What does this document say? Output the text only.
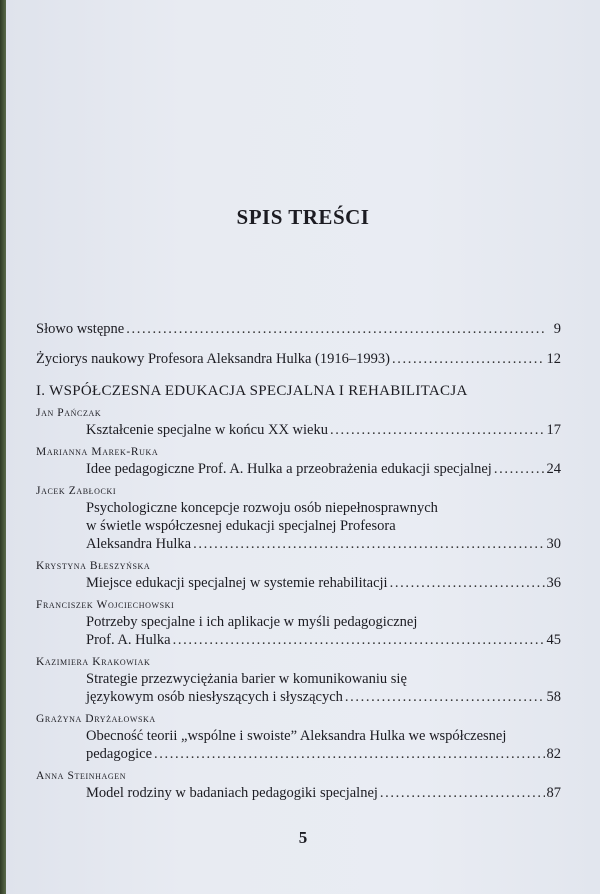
SPIS TREŚCI
Słowo wstępne . . .	9
Życiorys naukowy Profesora Aleksandra Hulka (1916–1993) . . .	12
I. WSPÓŁCZESNA EDUKACJA SPECJALNA I REHABILITACJA
Jan Pańczak
Kształcenie specjalne w końcu XX wieku . . .	17
Marianna Marek-Ruka
Idee pedagogiczne Prof. A. Hulka a przeobrażenia edukacji specjalnej . . .	24
Jacek Zabłocki
Psychologiczne koncepcje rozwoju osób niepełnosprawnych
w świetle współczesnej edukacji specjalnej Profesora
Aleksandra Hulka . . .	30
Krystyna Błeszyńska
Miejsce edukacji specjalnej w systemie rehabilitacji . . .	36
Franciszek Wojciechowski
Potrzeby specjalne i ich aplikacje w myśli pedagogicznej
Prof. A. Hulka . . .	45
Kazimiera Krakowiak
Strategie przezwyciężania barier w komunikowaniu się
językowym osób niesłyszących i słyszących . . .	58
Grażyna Dryżałowska
Obecność teorii „wspólne i swoiste” Aleksandra Hulka we współczesnej
pedagogice . . .	82
Anna Steinhagen
Model rodziny w badaniach pedagogiki specjalnej . . .	87
5
